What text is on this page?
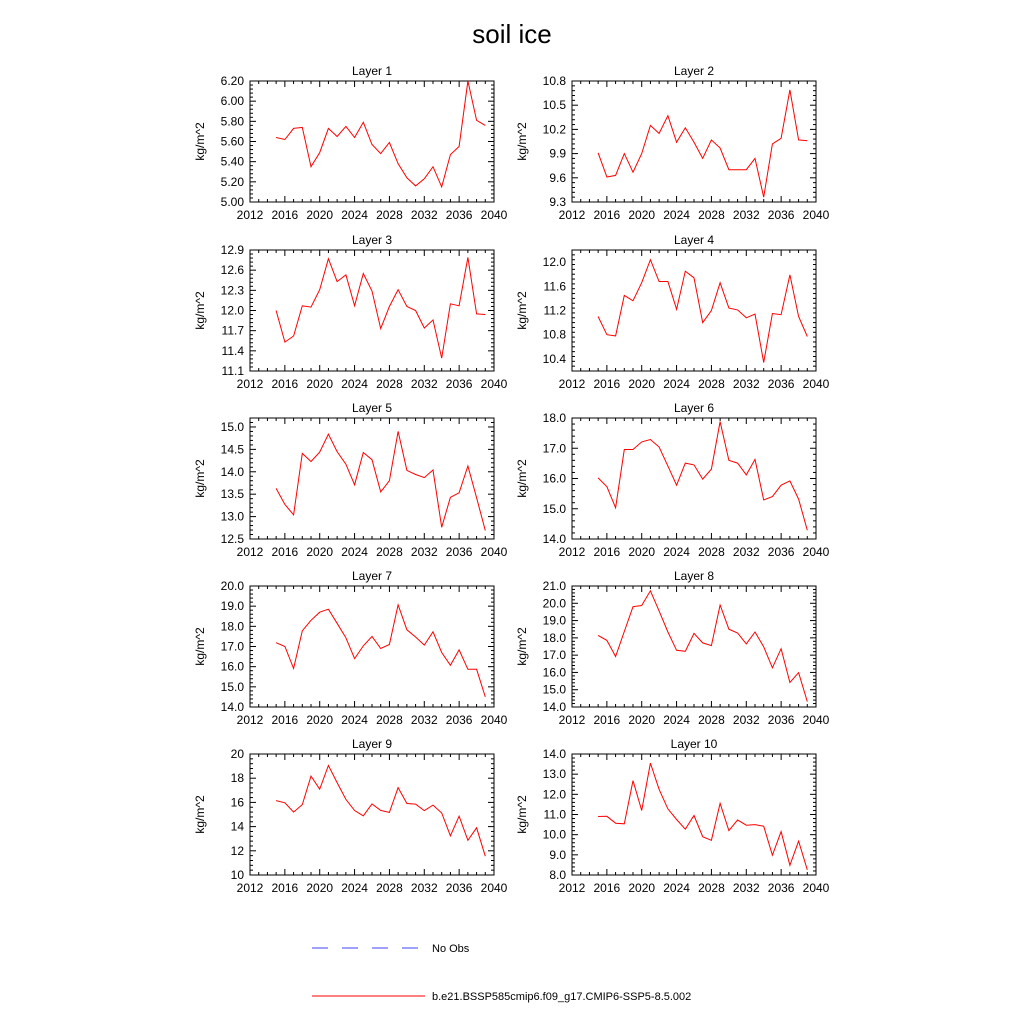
soil ice
Layer 1
kg/m^2
2012 2016 2020 2024 2028 2032 2036 2040
5.00
5.20
5.40
5.60
5.80
6.00
6.20
Layer 2
kg/m^2
2012 2016 2020 2024 2028 2032 2036 2040
9.3
9.6
9.9
10.2
10.5
10.8
Layer 3
kg/m^2
2012 2016 2020 2024 2028 2032 2036 2040
11.1
11.4
11.7
12.0
12.3
12.6
12.9
Layer 4
kg/m^2
2012 2016 2020 2024 2028 2032 2036 2040
10.4
10.8
11.2
11.6
12.0
Layer 5
kg/m^2
2012 2016 2020 2024 2028 2032 2036 2040
12.5
13.0
13.5
14.0
14.5
15.0
Layer 6
kg/m^2
2012 2016 2020 2024 2028 2032 2036 2040
14.0
15.0
16.0
17.0
18.0
Layer 7
kg/m^2
2012 2016 2020 2024 2028 2032 2036 2040
14.0
15.0
16.0
17.0
18.0
19.0
20.0
Layer 8
kg/m^2
2012 2016 2020 2024 2028 2032 2036 2040
14.0
15.0
16.0
17.0
18.0
19.0
20.0
21.0
Layer 9
kg/m^2
2012 2016 2020 2024 2028 2032 2036 2040
10
12
14
16
18
20
Layer 10
kg/m^2
2012 2016 2020 2024 2028 2032 2036 2040
8.0
9.0
10.0
11.0
12.0
13.0
14.0
No Obs
b.e21.BSSP585cmip6.f09_g17.CMIP6-SSP5-8.5.002
